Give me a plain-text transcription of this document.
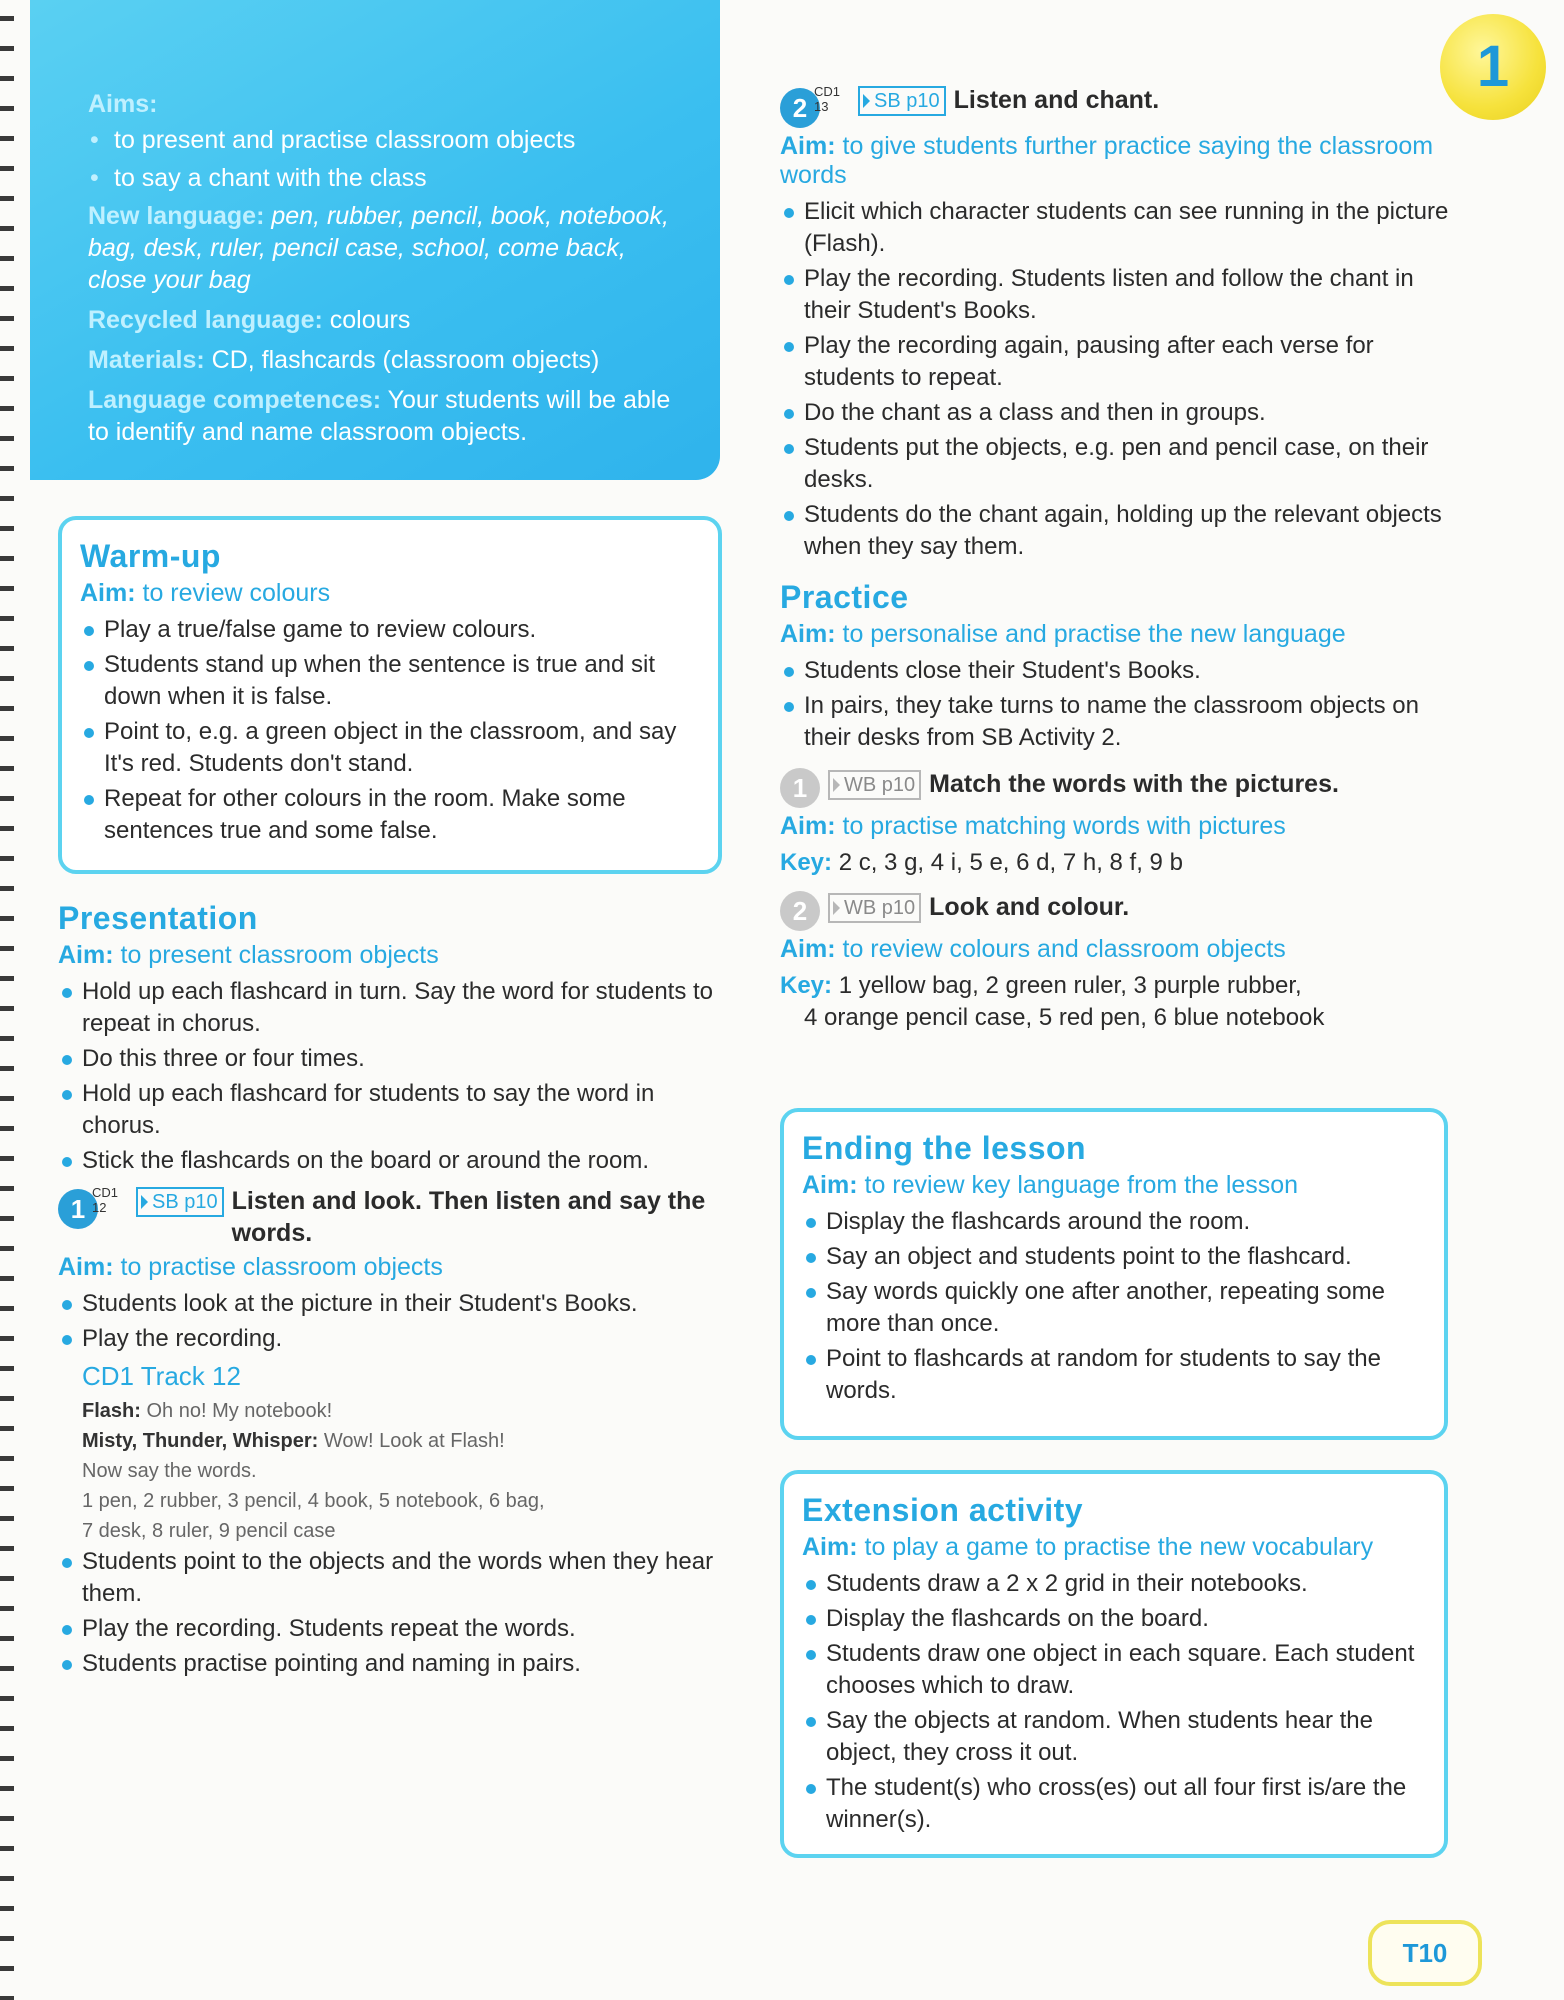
Aims:

• to present and practise classroom objects
• to say a chant with the class

New language: pen, rubber, pencil, book, notebook, bag, desk, ruler, pencil case, school, come back, close your bag

Recycled language: colours

Materials: CD, flashcards (classroom objects)

Language competences: Your students will be able to identify and name classroom objects.

Warm-up
Aim: to review colours
Play a true/false game to review colours.
Students stand up when the sentence is true and sit down when it is false.
Point to, e.g. a green object in the classroom, and say It's red. Students don't stand.
Repeat for other colours in the room. Make some sentences true and some false.
Presentation
Aim: to present classroom objects
Hold up each flashcard in turn. Say the word for students to repeat in chorus.
Do this three or four times.
Hold up each flashcard for students to say the word in chorus.
Stick the flashcards on the board or around the room.
1
CD1
12	SB p10 Listen and look. Then listen and say the words.
Aim: to practise classroom objects
Students look at the picture in their Student's Books.
Play the recording.
CD1 Track 12
Flash: Oh no! My notebook!
Misty, Thunder, Whisper: Wow! Look at Flash!
Now say the words.
1 pen, 2 rubber, 3 pencil, 4 book, 5 notebook, 6 bag,
7 desk, 8 ruler, 9 pencil case
Students point to the objects and the words when they hear them.
Play the recording. Students repeat the words.
Students practise pointing and naming in pairs.
2
CD1
13	SB p10 Listen and chant.
Aim: to give students further practice saying the classroom words
Elicit which character students can see running in the picture (Flash).
Play the recording. Students listen and follow the chant in their Student's Books.
Play the recording again, pausing after each verse for students to repeat.
Do the chant as a class and then in groups.
Students put the objects, e.g. pen and pencil case, on their desks.
Students do the chant again, holding up the relevant objects when they say them.
Practice
Aim: to personalise and practise the new language
Students close their Student's Books.
In pairs, they take turns to name the classroom objects on their desks from SB Activity 2.
1	WB p10 Match the words with the pictures.
Aim: to practise matching words with pictures
Key: 2 c, 3 g, 4 i, 5 e, 6 d, 7 h, 8 f, 9 b
2	WB p10 Look and colour.
Aim: to review colours and classroom objects
Key: 1 yellow bag, 2 green ruler, 3 purple rubber,
4 orange pencil case, 5 red pen, 6 blue notebook
Ending the lesson
Aim: to review key language from the lesson
Display the flashcards around the room.
Say an object and students point to the flashcard.
Say words quickly one after another, repeating some more than once.
Point to flashcards at random for students to say the words.
Extension activity
Aim: to play a game to practise the new vocabulary
Students draw a 2 x 2 grid in their notebooks.
Display the flashcards on the board.
Students draw one object in each square. Each student chooses which to draw.
Say the objects at random. When students hear the object, they cross it out.
The student(s) who cross(es) out all four first is/are the winner(s).
1
T10
